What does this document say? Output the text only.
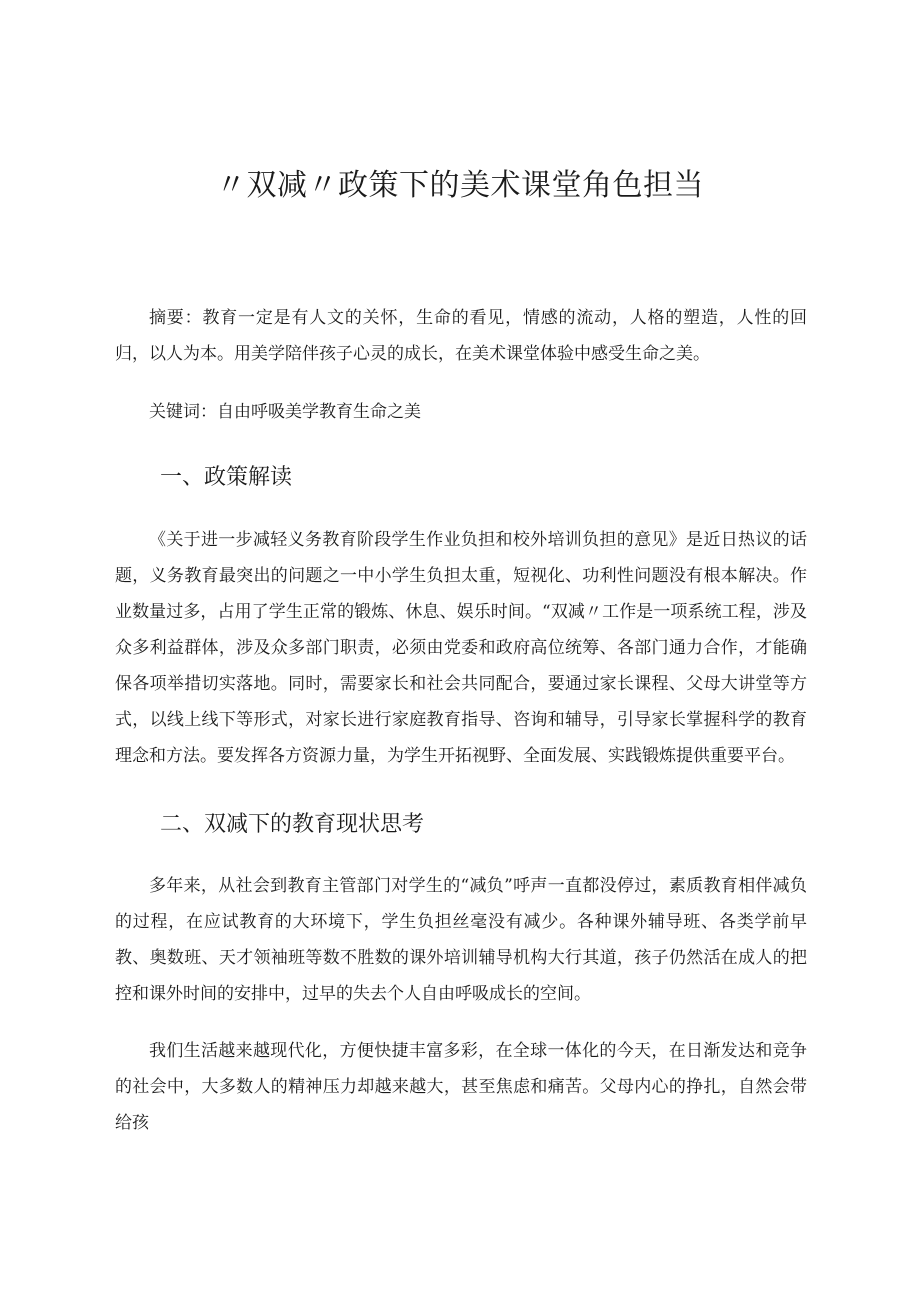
〃双减〃政策下的美术课堂角色担当

摘要：教育一定是有人文的关怀，生命的看见，情感的流动，人格的塑造，人性的回归，以人为本。用美学陪伴孩子心灵的成长，在美术课堂体验中感受生命之美。

关键词：自由呼吸美学教育生命之美

一、政策解读

《关于进一步减轻义务教育阶段学生作业负担和校外培训负担的意见》是近日热议的话题，义务教育最突出的问题之一中小学生负担太重，短视化、功利性问题没有根本解决。作业数量过多，占用了学生正常的锻炼、休息、娱乐时间。“双减〃工作是一项系统工程，涉及众多利益群体，涉及众多部门职责，必须由党委和政府高位统筹、各部门通力合作，才能确保各项举措切实落地。同时，需要家长和社会共同配合，要通过家长课程、父母大讲堂等方式，以线上线下等形式，对家长进行家庭教育指导、咨询和辅导，引导家长掌握科学的教育理念和方法。要发挥各方资源力量，为学生开拓视野、全面发展、实践锻炼提供重要平台。

二、双减下的教育现状思考

多年来，从社会到教育主管部门对学生的“减负”呼声一直都没停过，素质教育相伴减负的过程，在应试教育的大环境下，学生负担丝毫没有减少。各种课外辅导班、各类学前早教、奥数班、天才领袖班等数不胜数的课外培训辅导机构大行其道，孩子仍然活在成人的把控和课外时间的安排中，过早的失去个人自由呼吸成长的空间。

我们生活越来越现代化，方便快捷丰富多彩，在全球一体化的今天，在日渐发达和竞争的社会中，大多数人的精神压力却越来越大，甚至焦虑和痛苦。父母内心的挣扎，自然会带给孩
